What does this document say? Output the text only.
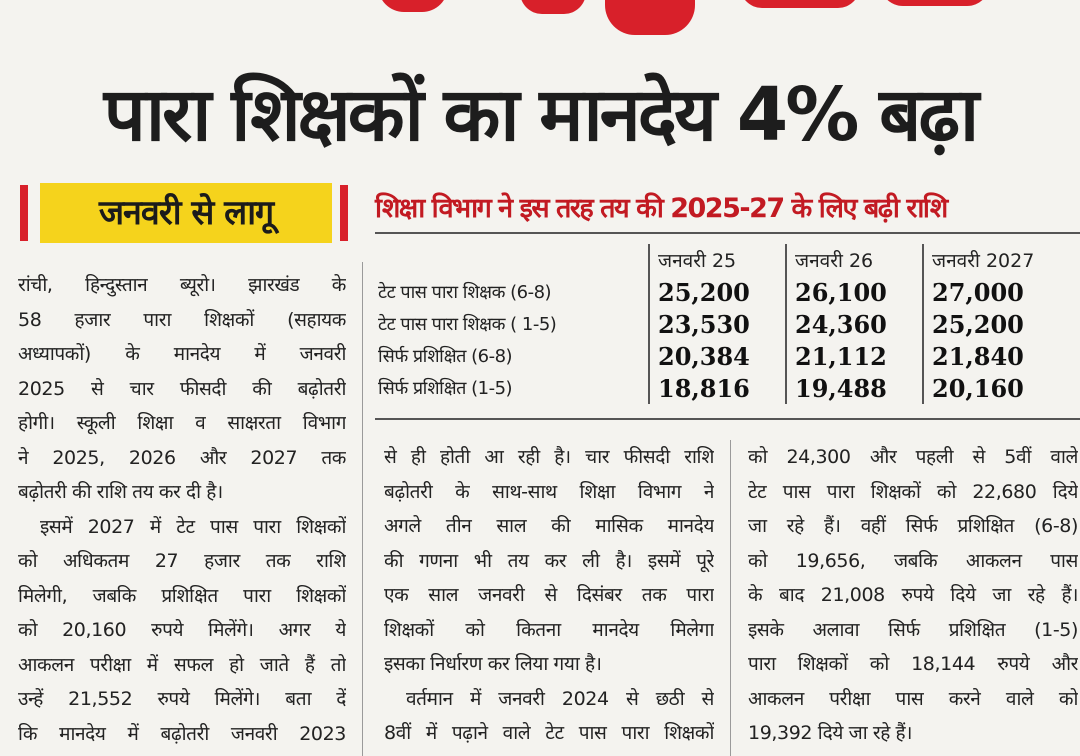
पारा शिक्षकों का मानदेय 4% बढ़ा
जनवरी से लागू	शिक्षा विभाग ने इस तरह तय की 2025-27 के लिए बढ़ी राशि
	जनवरी 25	जनवरी 26	जनवरी 2027
टेट पास पारा शिक्षक (6-8)	25,200	26,100	27,000
टेट पास पारा शिक्षक ( 1-5)	23,530	24,360	25,200
सिर्फ प्रशिक्षित (6-8)	20,384	21,112	21,840
सिर्फ प्रशिक्षित (1-5)	18,816	19,488	20,160

रांची, हिन्दुस्तान ब्यूरो। झारखंड के

58 हजार पारा शिक्षकों (सहायक

अध्यापकों) के मानदेय में जनवरी

2025 से चार फीसदी की बढ़ोतरी

होगी। स्कूली शिक्षा व साक्षरता विभाग

ने 2025, 2026 और 2027 तक

बढ़ोतरी की राशि तय कर दी है।

इसमें 2027 में टेट पास पारा शिक्षकों

को अधिकतम 27 हजार तक राशि

मिलेगी, जबकि प्रशिक्षित पारा शिक्षकों

को 20,160 रुपये मिलेंगे। अगर ये

आकलन परीक्षा में सफल हो जाते हैं तो

उन्हें 21,552 रुपये मिलेंगे। बता दें

कि मानदेय में बढ़ोतरी जनवरी 2023

से ही होती आ रही है। चार फीसदी राशि

बढ़ोतरी के साथ-साथ शिक्षा विभाग ने

अगले तीन साल की मासिक मानदेय

की गणना भी तय कर ली है। इसमें पूरे

एक साल जनवरी से दिसंबर तक पारा

शिक्षकों को कितना मानदेय मिलेगा

इसका निर्धारण कर लिया गया है।

वर्तमान में जनवरी 2024 से छठी से

8वीं में पढ़ाने वाले टेट पास पारा शिक्षकों

को 24,300 और पहली से 5वीं वाले

टेट पास पारा शिक्षकों को 22,680 दिये

जा रहे हैं। वहीं सिर्फ प्रशिक्षित (6-8)

को 19,656, जबकि आकलन पास

के बाद 21,008 रुपये दिये जा रहे हैं।

इसके अलावा सिर्फ प्रशिक्षित (1-5)

पारा शिक्षकों को 18,144 रुपये और

आकलन परीक्षा पास करने वाले को

19,392 दिये जा रहे हैं।
